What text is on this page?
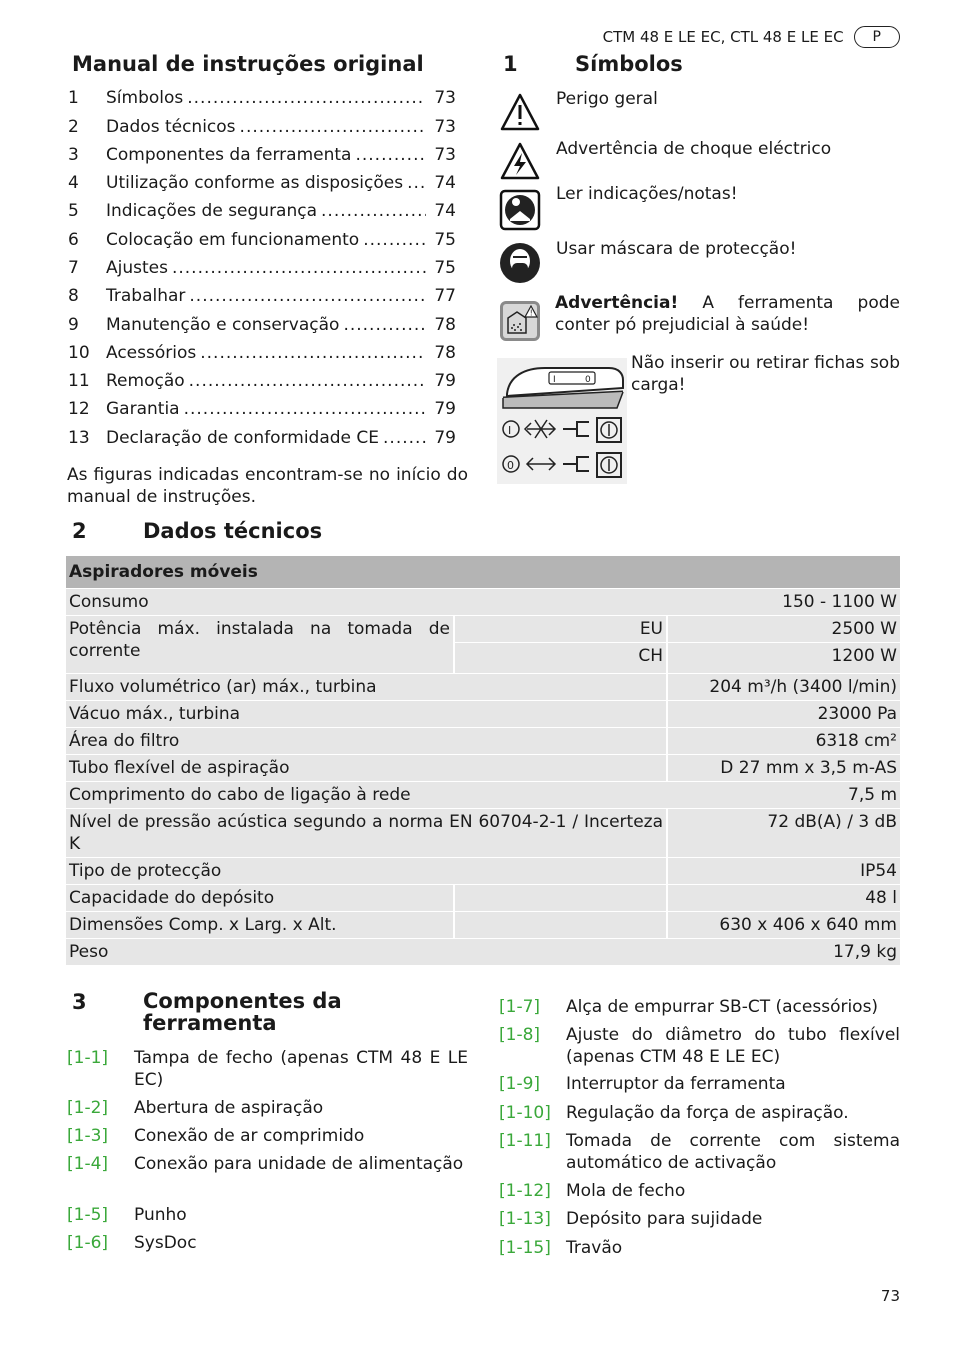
CTM 48 E LE EC, CTL 48 E LE EC	P
Manual de instruções original
1	Símbolos .....	73
2	Dados técnicos .....	73
3	Componentes da ferramenta .....	73
4	Utilização conforme as disposições ..... 74
5	Indicações de segurança .....	74
6	Colocação em funcionamento .....	75
7	Ajustes .....	75
8	Trabalhar .....	77
9	Manutenção e conservação .....	78
10 Acessórios .....	78
11 Remoção .....	79
12 Garantia .....	79
13 Declaração de conformidade CE .....	79
As figuras indicadas encontram-se no início do manual de instruções.
1	Símbolos
Perigo geral
Advertência de choque eléctrico
Ler indicações/notas!
Usar máscara de protecção!
! Advertência! A ferramenta pode conter pó prejudicial à saúde!
I	0
I
0
Não inserir ou retirar fichas sob carga!
2	Dados técnicos
Aspiradores móveis		
Consumo		150 - 1100 W
Potência máx. instalada na tomada de corrente	EU	2500 W
	CH	1200 W
Fluxo volumétrico (ar) máx., turbina		204 m³/h (3400 l/min)
Vácuo máx., turbina		23000 Pa
Área do filtro		6318 cm²
Tubo flexível de aspiração		D 27 mm x 3,5 m-AS
Comprimento do cabo de ligação à rede		7,5 m
Nível de pressão acústica segundo a norma EN 60704-2-1 / Incerteza K		72 dB(A) / 3 dB
Tipo de protecção		IP54
Capacidade do depósito		48 l
Dimensões Comp. x Larg. x Alt.		630 x 406 x 640 mm
Peso		17,9 kg
3	Componentes da ferramenta
[1-1]	Tampa de fecho (apenas CTM 48 E LE EC)
[1-2]	Abertura de aspiração
[1-3]	Conexão de ar comprimido
[1-4]	Conexão para unidade de alimentação
[1-5]	Punho
[1-6]	SysDoc
[1-7]	Alça de empurrar SB-CT (acessórios)
[1-8]	Ajuste do diâmetro do tubo flexível (apenas CTM 48 E LE EC)
[1-9]	Interruptor da ferramenta
[1-10] Regulação da força de aspiração.
[1-11] Tomada de corrente com sistema automático de activação
[1-12] Mola de fecho
[1-13] Depósito para sujidade
[1-15] Travão
73
